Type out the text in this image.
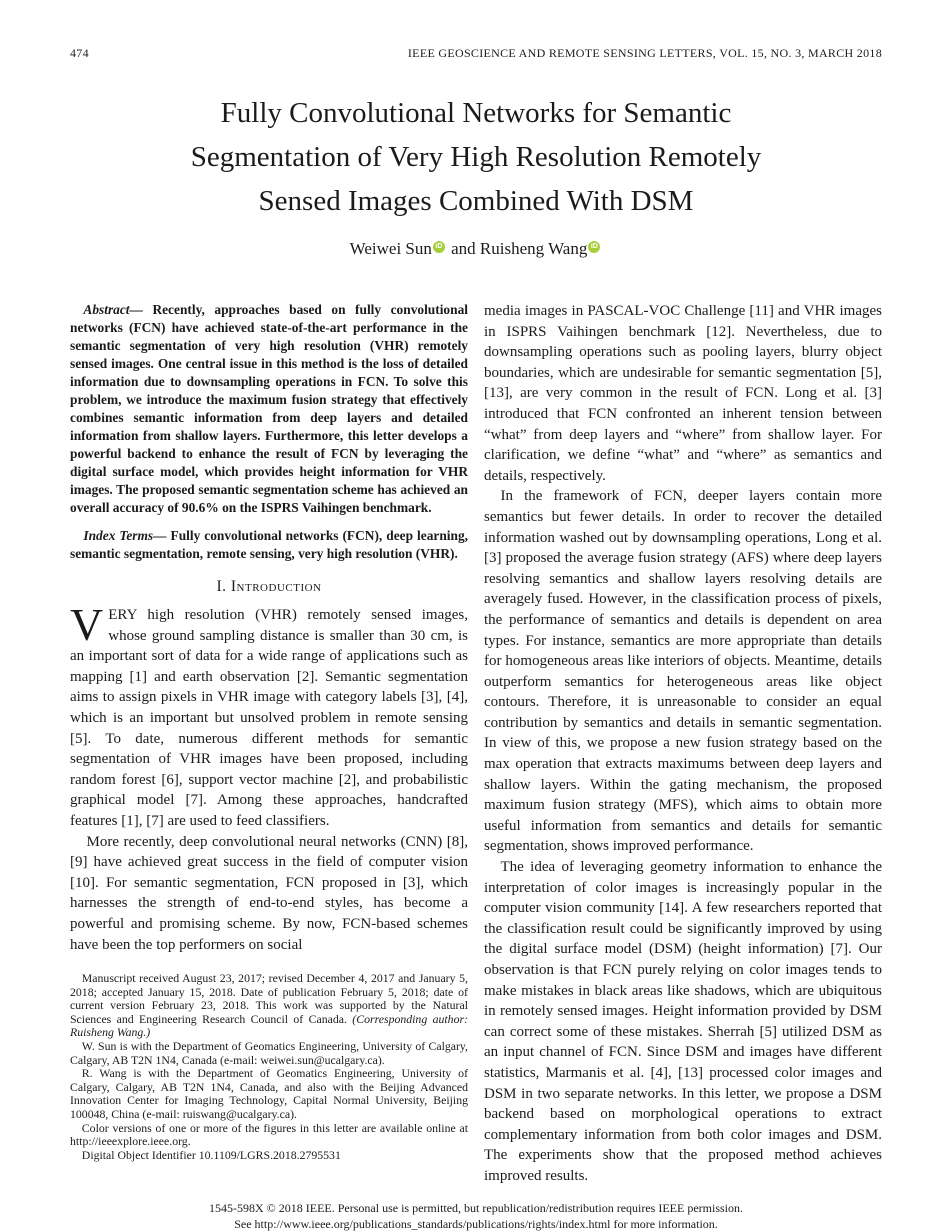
474	IEEE GEOSCIENCE AND REMOTE SENSING LETTERS, VOL. 15, NO. 3, MARCH 2018
Fully Convolutional Networks for Semantic
Segmentation of Very High Resolution Remotely
Sensed Images Combined With DSM
Weiwei Sun iD and Ruisheng Wang iD

Abstract— Recently, approaches based on fully convolutional networks (FCN) have achieved state-of-the-art performance in the semantic segmentation of very high resolution (VHR) remotely sensed images. One central issue in this method is the loss of detailed information due to downsampling operations in FCN. To solve this problem, we introduce the maximum fusion strategy that effectively combines semantic information from deep layers and detailed information from shallow layers. Furthermore, this letter develops a powerful backend to enhance the result of FCN by leveraging the digital surface model, which provides height information for VHR images. The proposed semantic segmentation scheme has achieved an overall accuracy of 90.6% on the ISPRS Vaihingen benchmark.

Index Terms— Fully convolutional networks (FCN), deep learning, semantic segmentation, remote sensing, very high resolution (VHR).

I. Introduction

VERY high resolution (VHR) remotely sensed images, whose ground sampling distance is smaller than 30 cm, is an important sort of data for a wide range of applications such as mapping [1] and earth observation [2]. Semantic segmentation aims to assign pixels in VHR image with category labels [3], [4], which is an important but unsolved problem in remote sensing [5]. To date, numerous different methods for semantic segmentation of VHR images have been proposed, including random forest [6], support vector machine [2], and probabilistic graphical model [7]. Among these approaches, handcrafted features [1], [7] are used to feed classifiers.

More recently, deep convolutional neural networks (CNN) [8], [9] have achieved great success in the field of computer vision [10]. For semantic segmentation, FCN proposed in [3], which harnesses the strength of end-to-end styles, has become a powerful and promising scheme. By now, FCN-based schemes have been the top performers on social

Manuscript received August 23, 2017; revised December 4, 2017 and January 5, 2018; accepted January 15, 2018. Date of publication February 5, 2018; date of current version February 23, 2018. This work was supported by the Natural Sciences and Engineering Research Council of Canada. (Corresponding author: Ruisheng Wang.)

W. Sun is with the Department of Geomatics Engineering, University of Calgary, Calgary, AB T2N 1N4, Canada (e-mail: weiwei.sun@ucalgary.ca).

R. Wang is with the Department of Geomatics Engineering, University of Calgary, Calgary, AB T2N 1N4, Canada, and also with the Beijing Advanced Innovation Center for Imaging Technology, Capital Normal University, Beijing 100048, China (e-mail: ruiswang@ucalgary.ca).

Color versions of one or more of the figures in this letter are available online at http://ieeexplore.ieee.org.

Digital Object Identifier 10.1109/LGRS.2018.2795531

media images in PASCAL-VOC Challenge [11] and VHR images in ISPRS Vaihingen benchmark [12]. Nevertheless, due to downsampling operations such as pooling layers, blurry object boundaries, which are undesirable for semantic segmentation [5], [13], are very common in the result of FCN. Long et al. [3] introduced that FCN confronted an inherent tension between “what” from deep layers and “where” from shallow layer. For clarification, we define “what” and “where” as semantics and details, respectively.

In the framework of FCN, deeper layers contain more semantics but fewer details. In order to recover the detailed information washed out by downsampling operations, Long et al. [3] proposed the average fusion strategy (AFS) where deep layers resolving semantics and shallow layers resolving details are averagely fused. However, in the classification process of pixels, the performance of semantics and details is dependent on area types. For instance, semantics are more appropriate than details for homogeneous areas like interiors of objects. Meantime, details outperform semantics for heterogeneous areas like object contours. Therefore, it is unreasonable to consider an equal contribution by semantics and details in semantic segmentation. In view of this, we propose a new fusion strategy based on the max operation that extracts maximums between deep layers and shallow layers. Within the gating mechanism, the proposed maximum fusion strategy (MFS), which aims to obtain more useful information from semantics and details for semantic segmentation, shows improved performance.

The idea of leveraging geometry information to enhance the interpretation of color images is increasingly popular in the computer vision community [14]. A few researchers reported that the classification result could be significantly improved by using the digital surface model (DSM) (height information) [7]. Our observation is that FCN purely relying on color images tends to make mistakes in black areas like shadows, which are ubiquitous in remotely sensed images. Height information provided by DSM can correct some of these mistakes. Sherrah [5] utilized DSM as an input channel of FCN. Since DSM and images have different statistics, Marmanis et al. [4], [13] processed color images and DSM in two separate networks. In this letter, we propose a DSM backend based on morphological operations to extract complementary information from both color images and DSM. The experiments show that the proposed method achieves improved results.

1545-598X © 2018 IEEE. Personal use is permitted, but republication/redistribution requires IEEE permission.
See http://www.ieee.org/publications_standards/publications/rights/index.html for more information.
